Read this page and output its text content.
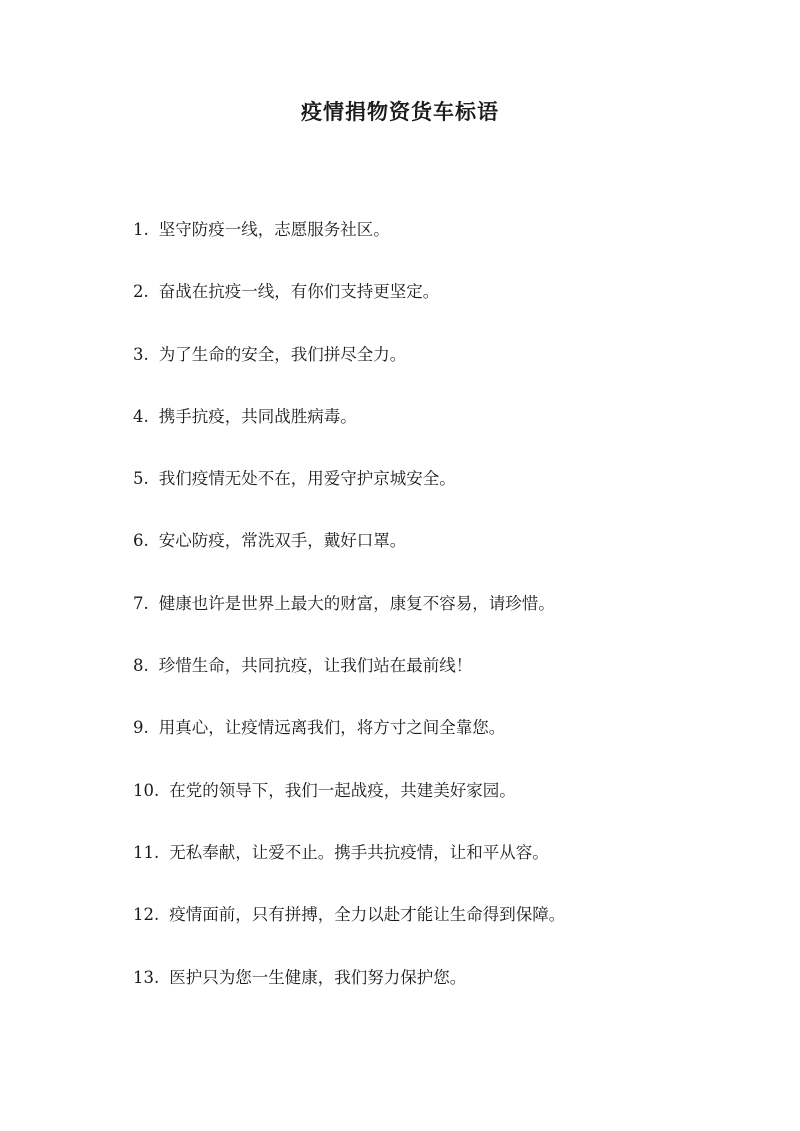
疫情捐物资货车标语
1. 坚守防疫一线，志愿服务社区。
2. 奋战在抗疫一线，有你们支持更坚定。
3. 为了生命的安全，我们拼尽全力。
4. 携手抗疫，共同战胜病毒。
5. 我们疫情无处不在，用爱守护京城安全。
6. 安心防疫，常洗双手，戴好口罩。
7. 健康也许是世界上最大的财富，康复不容易，请珍惜。
8. 珍惜生命，共同抗疫，让我们站在最前线！
9. 用真心，让疫情远离我们，将方寸之间全靠您。
10. 在党的领导下，我们一起战疫，共建美好家园。
11. 无私奉献，让爱不止。携手共抗疫情，让和平从容。
12. 疫情面前，只有拼搏，全力以赴才能让生命得到保障。
13. 医护只为您一生健康，我们努力保护您。
